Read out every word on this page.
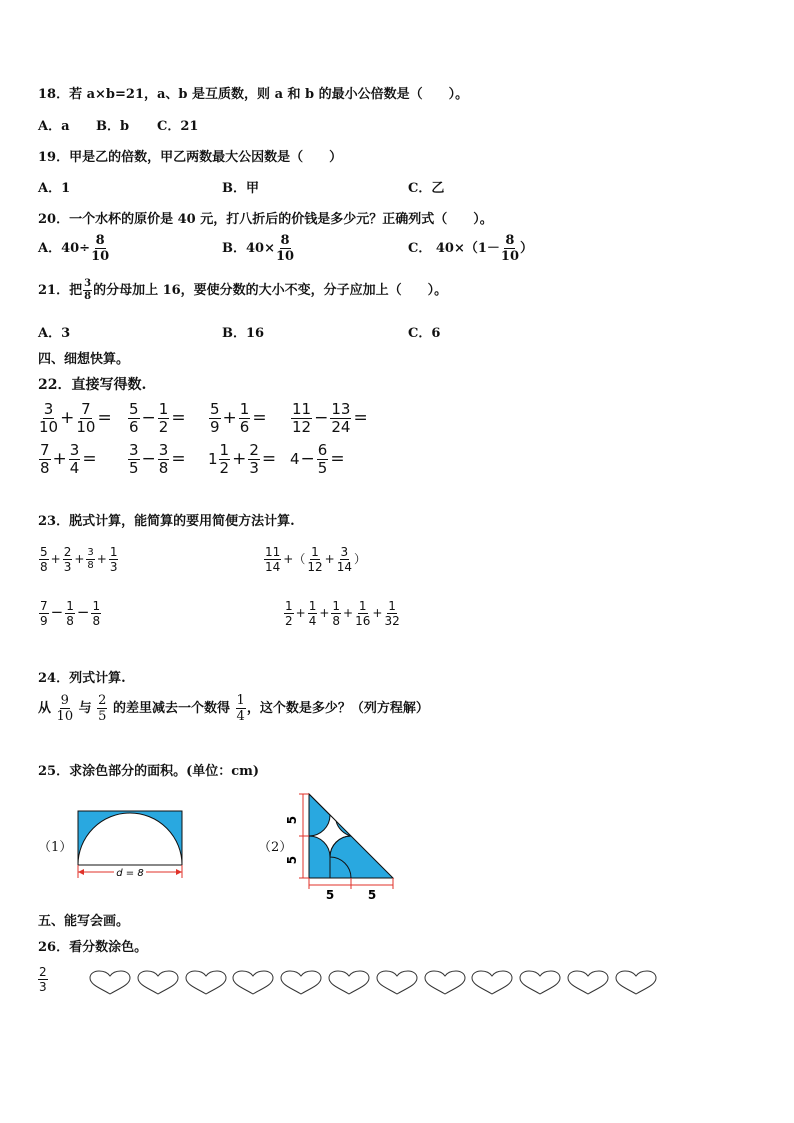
18．若 a×b=21，a、b 是互质数，则 a 和 b 的最小公倍数是（　　）。
A．a B．b C．21
19．甲是乙的倍数，甲乙两数最大公因数是（　　）
A．1	B．甲	C．乙
20．一个水杯的原价是 40 元，打八折后的价钱是多少元？正确列式（　　）。
A．$40\div \frac{8}{10}$	B．$40\times \frac{8}{10}$	C． $40\times(1- \frac{8}{10}$ ）
21．把 $\frac{3}{8}$ 的分母加上 16，要使分数的大小不变，分子应加上（　　）。
A．3	B．16	C．6
四、细想快算。
22．直接写得数.
$\frac{3}{10} + \frac{7}{10} = \frac{5}{6} - \frac{1}{2} = \frac{5}{9} + \frac{1}{6} = \frac{11}{12} - \frac{13}{24}$ =
$\frac{7}{8} + \frac{3}{4} = \frac{3}{5} - \frac{3}{8} = 1 \frac{1}{2} + \frac{2}{3} = 4- \frac{6}{5}$ =
23．脱式计算，能简算的要用简便方法计算.
$\frac{5}{8} + \frac{2}{3} + \frac{3}{8} + \frac{1}{3}$	$\frac{11}{14}$ +（ $\frac{1}{12} + \frac{3}{14}$ ）
$\frac{7}{9} - \frac{1}{8} - \frac{1}{8}$	$\frac{1}{2} + \frac{1}{4} + \frac{1}{8} + \frac{1}{16} + \frac{1}{32}$
24．列式计算.
从 $\frac{9}{10}$ 与 $\frac{2}{5}$ 的差里减去一个数得 $\frac{1}{4}$ ，这个数是多少？（列方程解）
25．求涂色部分的面积。(单位：cm)
（1）
d = 8
（2）
5
5
5	5
五、能写会画。
26．看分数涂色。
$\frac{2}{3}$
